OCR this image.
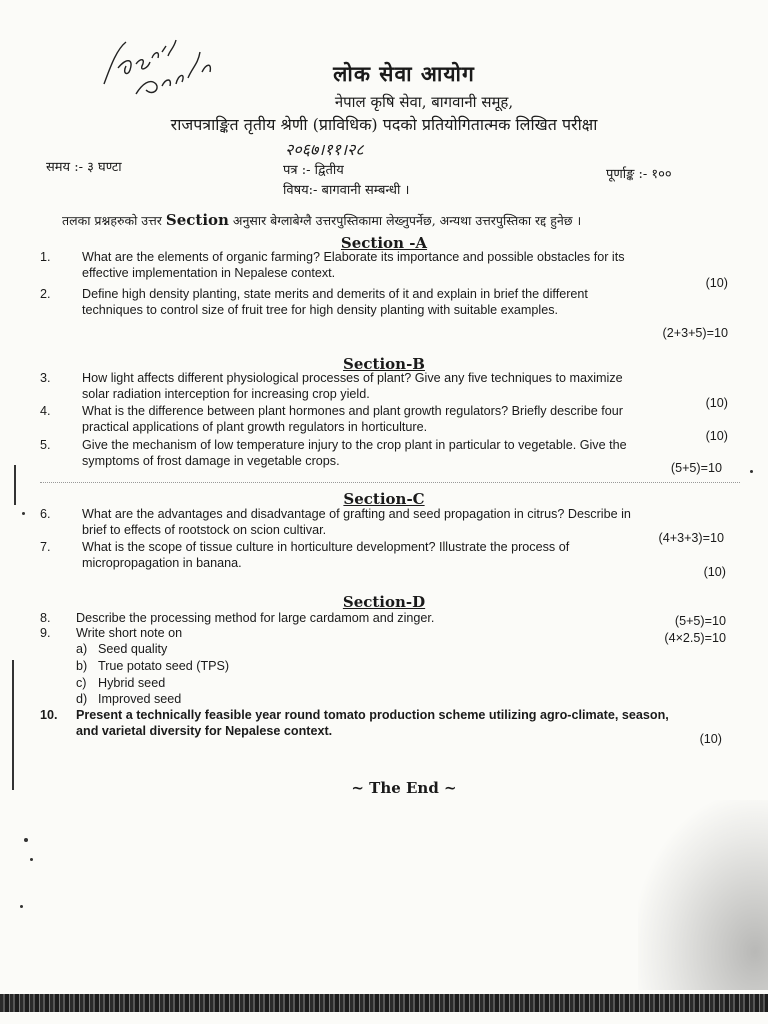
लोक सेवा आयोग
नेपाल कृषि सेवा, बागवानी समूह,
राजपत्राङ्कित तृतीय श्रेणी (प्राविधिक) पदको प्रतियोगितात्मक लिखित परीक्षा
२०६७।११।२८
समय :- ३ घण्टा	पत्र :- द्वितीय	पूर्णाङ्क :- १००
विषय:- बागवानी सम्बन्धी ।
तलका प्रश्नहरुको उत्तर Section अनुसार बेग्लाबेग्लै उत्तरपुस्तिकामा लेख्नुपर्नेछ, अन्यथा उत्तरपुस्तिका रद्द हुनेछ ।
Section -A
1.	What are the elements of organic farming? Elaborate its importance and possible obstacles for its
effective implementation in Nepalese context.
(10)
2.	Define high density planting, state merits and demerits of it and explain in brief the different
techniques to control size of fruit tree for high density planting with suitable examples.
(2+3+5)=10
Section-B
3.	How light affects different physiological processes of plant? Give any five techniques to maximize
solar radiation interception for increasing crop yield.
(10)
4.	What is the difference between plant hormones and plant growth regulators? Briefly describe four
practical applications of plant growth regulators in horticulture.
(10)
5.	Give the mechanism of low temperature injury to the crop plant in particular to vegetable. Give the
symptoms of frost damage in vegetable crops.
(5+5)=10
Section-C
6.	What are the advantages and disadvantage of grafting and seed propagation in citrus? Describe in
brief to effects of rootstock on scion cultivar.
(4+3+3)=10
7.	What is the scope of tissue culture in horticulture development? Illustrate the process of
micropropagation in banana.
(10)
Section-D
8.	Describe the processing method for large cardamom and zinger.	(5+5)=10
9.	Write short note on	(4×2.5)=10
a) Seed quality
b) True potato seed (TPS)
c) Hybrid seed
d) Improved seed
10.	Present a technically feasible year round tomato production scheme utilizing agro-climate, season,
and varietal diversity for Nepalese context.
(10)
~ The End ~
